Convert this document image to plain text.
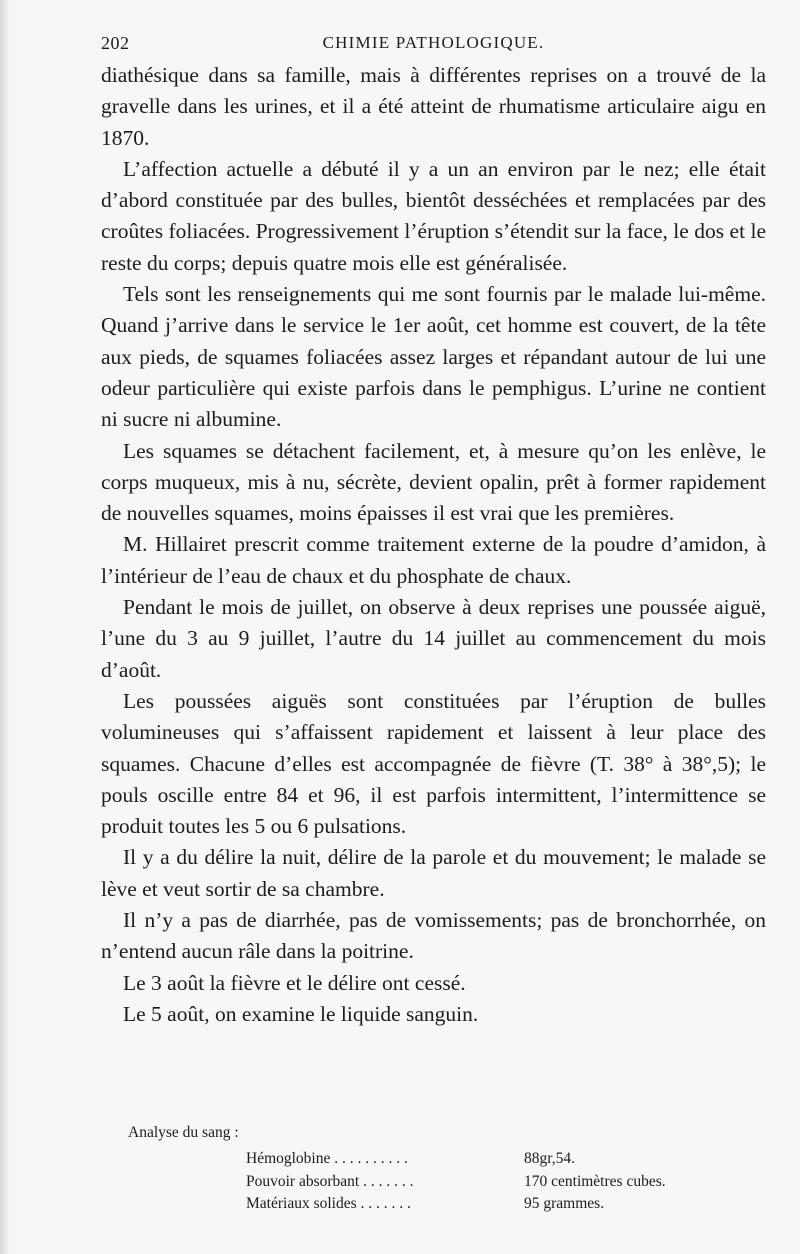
202	CHIMIE PATHOLOGIQUE.

diathésique dans sa famille, mais à différentes reprises on a trouvé de la gravelle dans les urines, et il a été atteint de rhumatisme articulaire aigu en 1870.

L’affection actuelle a débuté il y a un an environ par le nez; elle était d’abord constituée par des bulles, bientôt desséchées et remplacées par des croûtes foliacées. Progressivement l’éruption s’étendit sur la face, le dos et le reste du corps; depuis quatre mois elle est généralisée.

Tels sont les renseignements qui me sont fournis par le malade lui-même. Quand j’arrive dans le service le 1er août, cet homme est couvert, de la tête aux pieds, de squames foliacées assez larges et répandant autour de lui une odeur particulière qui existe parfois dans le pemphigus. L’urine ne contient ni sucre ni albumine.

Les squames se détachent facilement, et, à mesure qu’on les enlève, le corps muqueux, mis à nu, sécrète, devient opalin, prêt à former rapidement de nouvelles squames, moins épaisses il est vrai que les premières.

M. Hillairet prescrit comme traitement externe de la poudre d’amidon, à l’intérieur de l’eau de chaux et du phosphate de chaux.

Pendant le mois de juillet, on observe à deux reprises une poussée aiguë, l’une du 3 au 9 juillet, l’autre du 14 juillet au commencement du mois d’août.

Les poussées aiguës sont constituées par l’éruption de bulles volumineuses qui s’affaissent rapidement et laissent à leur place des squames. Chacune d’elles est accompagnée de fièvre (T. 38° à 38°,5); le pouls oscille entre 84 et 96, il est parfois intermittent, l’intermittence se produit toutes les 5 ou 6 pulsations.

Il y a du délire la nuit, délire de la parole et du mouvement; le malade se lève et veut sortir de sa chambre.

Il n’y a pas de diarrhée, pas de vomissements; pas de bronchorrhée, on n’entend aucun râle dans la poitrine.

Le 3 août la fièvre et le délire ont cessé.

Le 5 août, on examine le liquide sanguin.

Analyse du sang :
Hémoglobine . . . . . . . . . .	88gr,54.
Pouvoir absorbant . . . . . . .	170 centimètres cubes.
Matériaux solides . . . . . . .	95 grammes.
